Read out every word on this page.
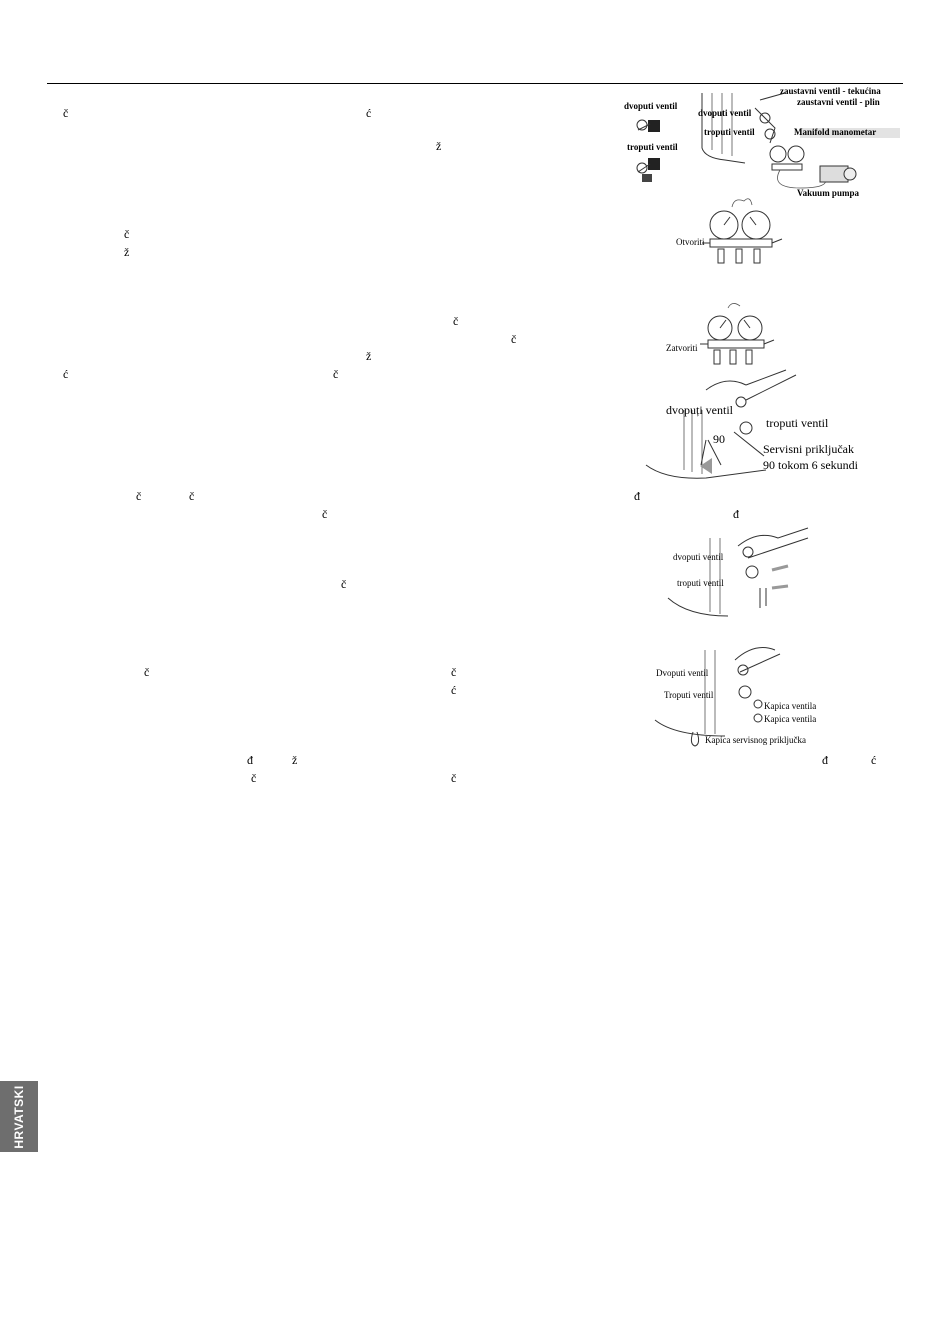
č	ć
ž
č
ž
č
č
ž
ć	č
č	č	đ
č	đ
č
č	č
ć
đ	ž	đ	ć
č	č
dvoputi ventil
troputi ventil
zaustavni ventil - tekućina
zaustavni ventil - plin
dvoputi ventil
troputi ventil	Manifold manometar
Vakuum pumpa
Otvoriti
Zatvoriti
dvopuți ventil
troputi ventil
90
Servisni priključak
90 tokom 6 sekundi
dvoputi ventil
troputi ventil
Dvoputi ventil
Troputi ventil
Kapica ventila
Kapica ventila
Kapica servisnog priključka
HRVATSKI
